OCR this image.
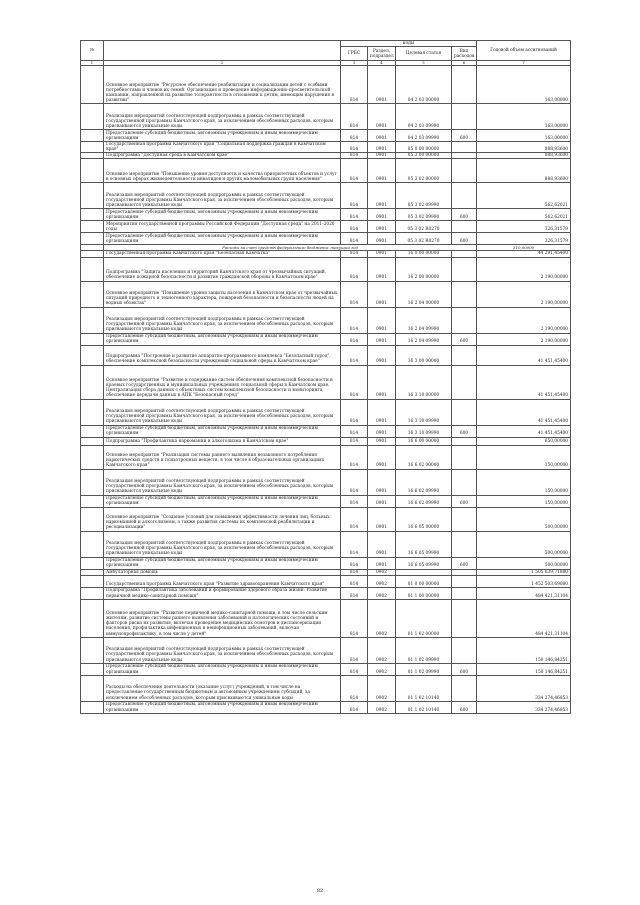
№		коды				Годовой объем ассигнований
		ГРБС	Раздел, подраздел	Целевая статья	Вид расходов	
1	2	3	4	5	6	7
	Основное мероприятие "Ресурсное обеспечение реабилитации и социализации детей с особыми потребностями и членов их семей. Организация и проведение информационно-просветительской кампании, направленной на развитие толерантности в отношении к детям, имеющим нарушения в развитии"	814	0901	04 2 03 00000		163,00000
	Реализация мероприятий соответствующей подпрограммы в рамках соответствующей государственной программы Камчатского края, за исключением обособленных расходов, которым присваиваются уникальные коды	814	0901	04 2 03 09990		163,00000
	Предоставление субсидий бюджетным, автономным учреждениям и иным некоммерческим организациям	814	0901	04 2 03 09990	600	163,00000
	Государственная программа Камчатского края "Социальная поддержка граждан в Камчатском крае"	814	0901	05 0 00 00000		888,93600
	Подпрограмма "Доступная среда в Камчатском крае"	814	0901	05 3 00 00000		888,93600
	Основное мероприятие "Повышение уровня доступности и качества приоритетных объектов и услуг в основных сферах жизнедеятельности инвалидов и других маломобильных групп населения"	814	0901	05 3 02 00000		888,93600
	Реализация мероприятий соответствующей подпрограммы в рамках соответствующей государственной программы Камчатского края, за исключением обособленных расходов, которым присваиваются уникальные коды	814	0901	05 3 02 09990		562,62021
	Предоставление субсидий бюджетным, автономным учреждениям и иным некоммерческим организациям	814	0901	05 3 02 09990	600	562,62021
	Мероприятия государственной программы Российской Федерации "Доступная среда" на 2011-2020 годы	814	0901	05 3 02 R0270		326,31579
	Предоставление субсидий бюджетным, автономным учреждениям и иным некоммерческим организациям	814	0901	05 3 02 R0270	600	326,31579
	Расходы за счет средств федерального бюджета: текущий год					310,00000
	Государственная программа Камчатского края "Безопасная Камчатка"	814	0901	16 0 00 00000		44 291,45400
	Подпрограмма "Защита населения и территорий Камчатского края от чрезвычайных ситуаций, обеспечение пожарной безопасности и развитие гражданской обороны в Камчатском крае"	814	0901	16 2 00 00000		2 190,00000
	Основное мероприятие "Повышение уровня защиты населения в Камчатском крае от чрезвычайных ситуаций природного и техногенного характера, пожарной безопасности и безопасности людей на водных объектах"	814	0901	16 2 04 00000		2 190,00000
	Реализация мероприятий соответствующей подпрограммы в рамках соответствующей государственной программы Камчатского края, за исключением обособленных расходов, которым присваиваются уникальные коды	814	0901	16 2 04 09990		2 190,00000
	Предоставление субсидий бюджетным, автономным учреждениям и иным некоммерческим организациям	814	0901	16 2 04 09990	600	2 190,00000
	Подпрограмма "Построение и развитие аппаратно-программного комплекса "Безопасный город", обеспечение комплексной безопасности учреждений социальной сферы в Камчатском крае"	814	0901	16 3 00 00000		41 451,45400
	Основное мероприятие "Развитие и содержание систем обеспечения комплексной безопасности в краевых государственных и муниципальных учреждениях социальной сферы в Камчатском крае. Централизация сбора данных с объектовых систем комплексной безопасности и мониторинга, обеспечение передачи данных в АПК "Безопасный город"	814	0901	16 3 10 00000		41 451,45400
	Реализация мероприятий соответствующей подпрограммы в рамках соответствующей государственной программы Камчатского края, за исключением обособленных расходов, которым присваиваются уникальные коды	814	0901	16 3 10 09990		41 451,45400
	Предоставление субсидий бюджетным, автономным учреждениям и иным некоммерческим организациям	814	0901	16 3 10 09990	600	41 451,45400
	Подпрограмма "Профилактика наркомании и алкоголизма в Камчатском крае"	814	0901	16 6 00 00000		650,00000
	Основное мероприятие "Реализация системы раннего выявления незаконного потребления наркотических средств и психотропных веществ, в том числе в образовательных организациях Камчатского края"	814	0901	16 6 02 00000		150,00000
	Реализация мероприятий соответствующей подпрограммы в рамках соответствующей государственной программы Камчатского края, за исключением обособленных расходов, которым присваиваются уникальные коды	814	0901	16 6 02 09990		150,00000
	Предоставление субсидий бюджетным, автономным учреждениям и иным некоммерческим организациям	814	0901	16 6 02 09990	600	150,00000
	Основное мероприятие "Создание условий для повышения эффективности лечения лиц, больных наркоманией и алкоголизмом, а также развития системы их комплексной реабилитации и ресоциализации"	814	0901	16 6 05 00000		500,00000
	Реализация мероприятий соответствующей подпрограммы в рамках соответствующей государственной программы Камчатского края, за исключением обособленных расходов, которым присваиваются уникальные коды	814	0901	16 6 05 09990		500,00000
	Предоставление субсидий бюджетным, автономным учреждениям и иным некоммерческим организациям	814	0901	16 6 05 09990	600	500,00000
	Амбулаторная помощь	814	0902			1 505 639,71880
	Государственная программа Камчатского края "Развитие здравоохранения Камчатского края"	814	0902	01 0 00 00000		1 452 503,69080
	Подпрограмма "Профилактика заболеваний и формирование здорового образа жизни. Развитие первичной медико-санитарной помощи"	814	0902	01 1 00 00000		484 421,31104
	Основное мероприятие "Развитие первичной медико-санитарной помощи, в том числе сельским жителям, развитие системы раннего выявления заболеваний и патологических состояний и факторов риска их развития, включая проведение медицинских осмотров и диспансеризации населения, профилактика инфекционных и неинфекционных заболеваний, включая иммунопрофилактику, в том числе у детей"	814	0902	01 1 02 00000		484 421,31104
	Реализация мероприятий соответствующей подпрограммы в рамках соответствующей государственной программы Камчатского края, за исключением обособленных расходов, которым присваиваются уникальные коды	814	0902	01 1 02 09990		150 146,84251
	Предоставление субсидий бюджетным, автономным учреждениям и иным некоммерческим организациям	814	0902	01 1 02 09990	600	150 146,84251
	Расходы на обеспечение деятельности (оказание услуг) учреждений, в том числе на предоставление государственным бюджетным и автономным учреждениям субсидий, за исключением обособленных расходов, которым присваиваются уникальные коды	814	0902	01 1 02 10140		334 274,46853
	Предоставление субсидий бюджетным, автономным учреждениям и иным некоммерческим организациям	814	0902	01 1 02 10140	600	334 274,46853
82
